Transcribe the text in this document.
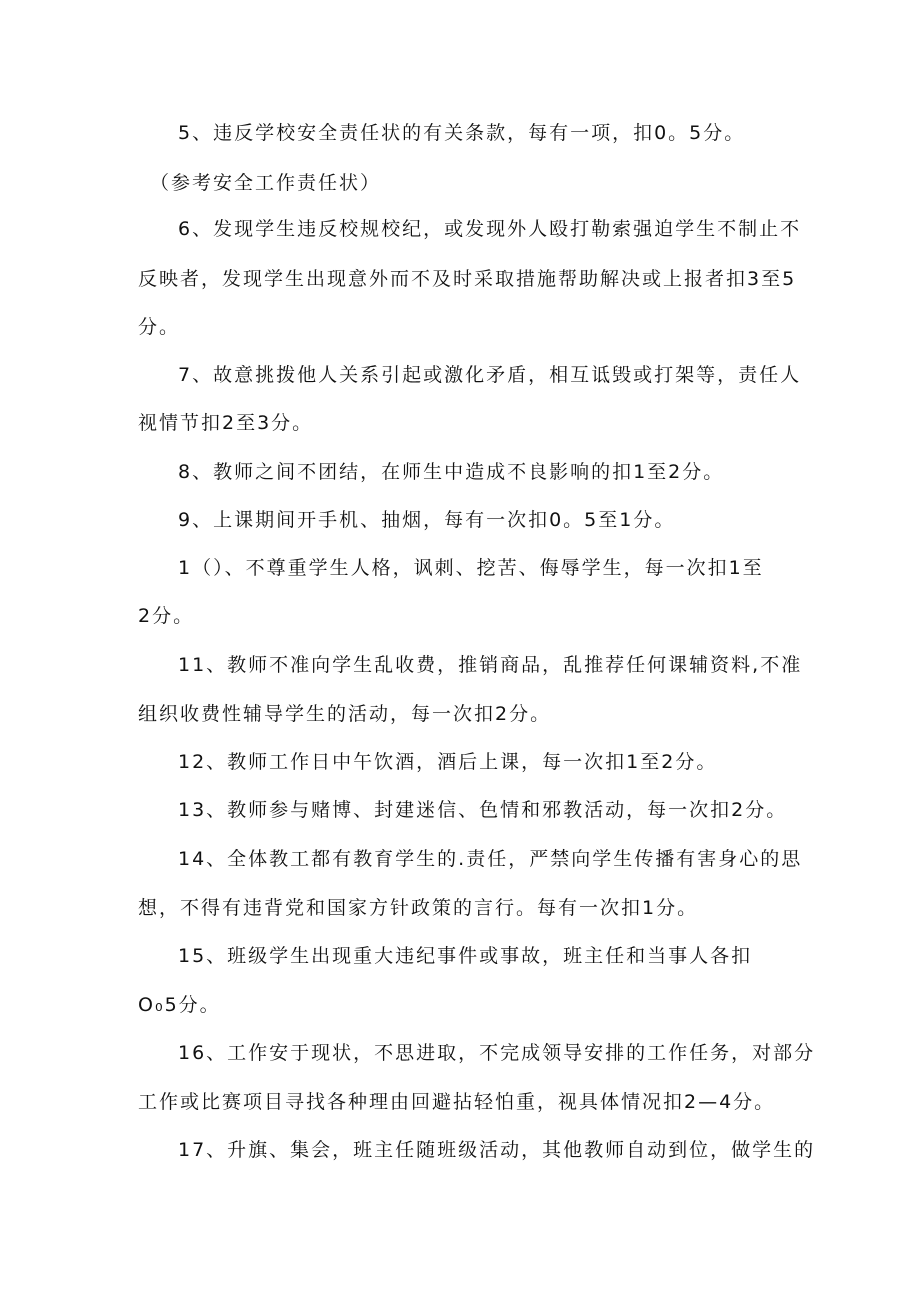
5、违反学校安全责任状的有关条款，每有一项，扣0。5分。
（参考安全工作责任状）
6、发现学生违反校规校纪，或发现外人殴打勒索强迫学生不制止不
反映者，发现学生出现意外而不及时采取措施帮助解决或上报者扣3至5
分。
7、故意挑拨他人关系引起或激化矛盾，相互诋毁或打架等，责任人
视情节扣2至3分。
8、教师之间不团结，在师生中造成不良影响的扣1至2分。
9、上课期间开手机、抽烟，每有一次扣0。5至1分。
1（）、不尊重学生人格，讽刺、挖苦、侮辱学生，每一次扣1至
2分。
11、教师不准向学生乱收费，推销商品，乱推荐任何课辅资料,不准
组织收费性辅导学生的活动，每一次扣2分。
12、教师工作日中午饮酒，酒后上课，每一次扣1至2分。
13、教师参与赌博、封建迷信、色情和邪教活动，每一次扣2分。
14、全体教工都有教育学生的.责任，严禁向学生传播有害身心的思
想，不得有违背党和国家方针政策的言行。每有一次扣1分。
15、班级学生出现重大违纪事件或事故，班主任和当事人各扣
O₀5分。
16、工作安于现状，不思进取，不完成领导安排的工作任务，对部分
工作或比赛项目寻找各种理由回避拈轻怕重，视具体情况扣2—4分。
17、升旗、集会，班主任随班级活动，其他教师自动到位，做学生的
